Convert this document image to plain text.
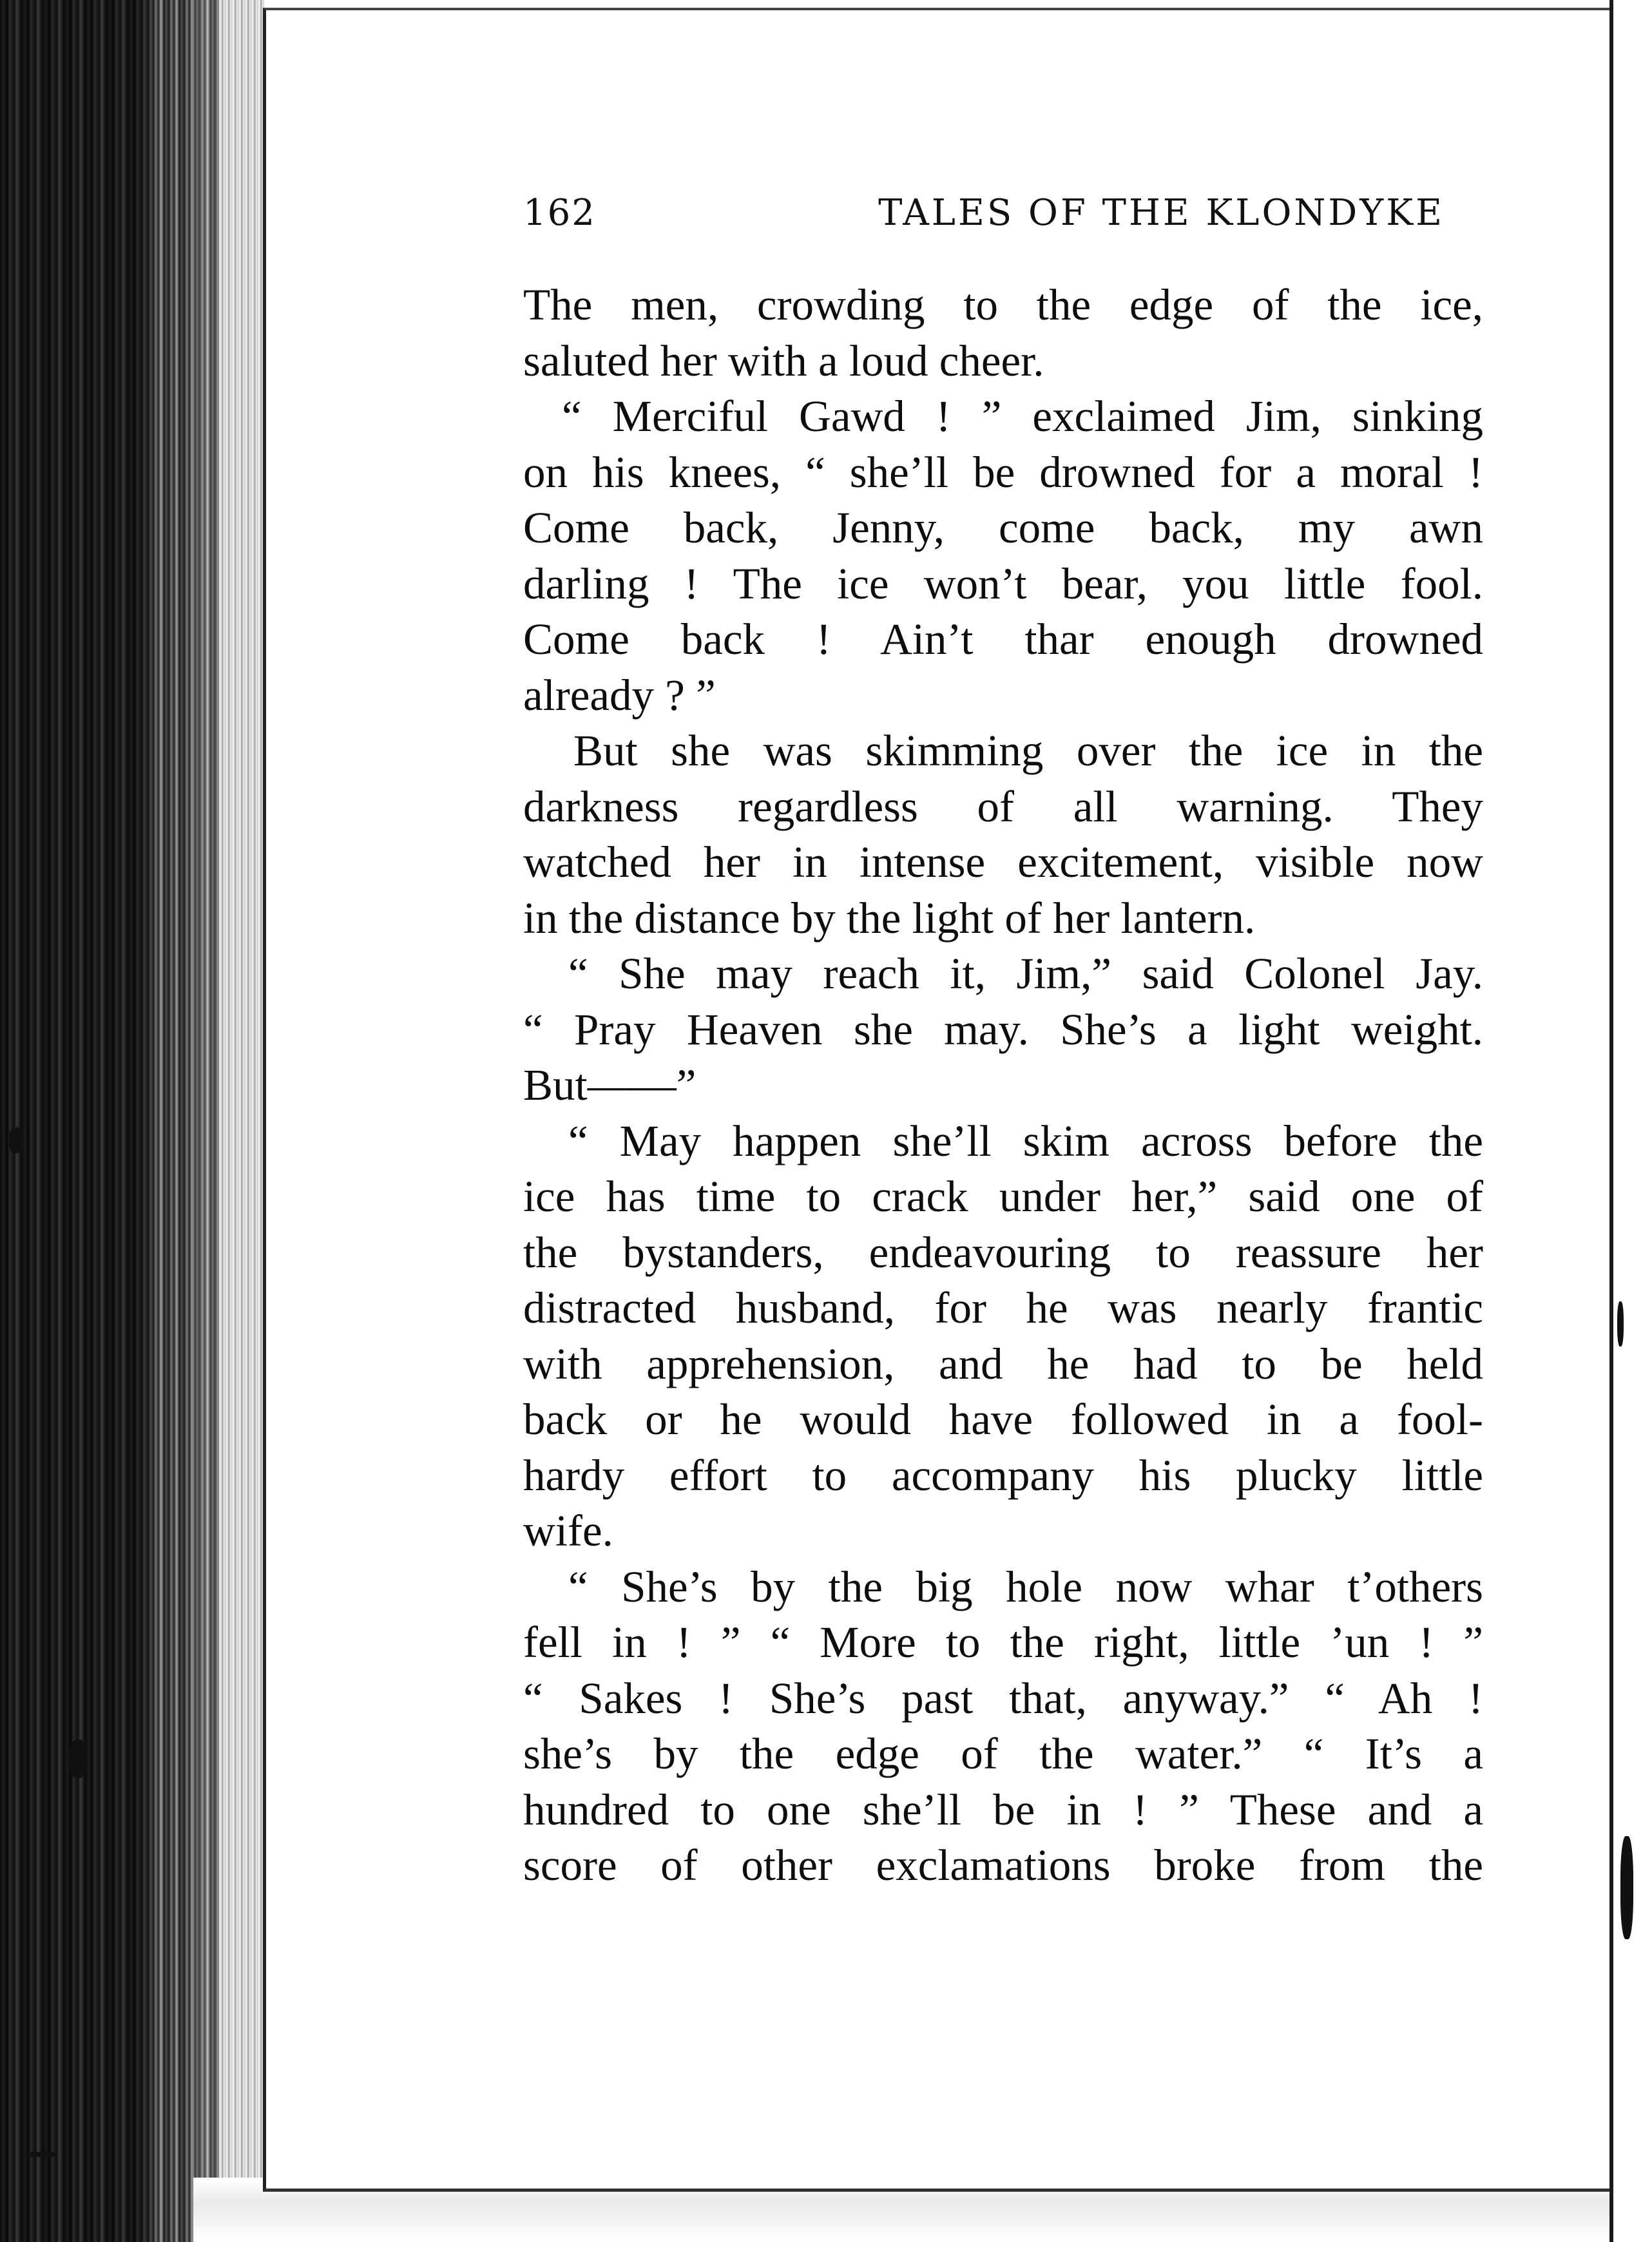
162	TALES OF THE KLONDYKE
The men, crowding to the edge of the ice,
saluted her with a loud cheer.
“ Merciful Gawd ! ” exclaimed Jim, sinking
on his knees, “ she’ll be drowned for a moral !
Come back, Jenny, come back, my awn
darling ! The ice won’t bear, you little fool.
Come back ! Ain’t thar enough drowned
already ? ”
But she was skimming over the ice in the
darkness regardless of all warning. They
watched her in intense excitement, visible now
in the distance by the light of her lantern.
“ She may reach it, Jim,” said Colonel Jay.
“ Pray Heaven she may. She’s a light weight.
But——”
“ May happen she’ll skim across before the
ice has time to crack under her,” said one of
the bystanders, endeavouring to reassure her
distracted husband, for he was nearly frantic
with apprehension, and he had to be held
back or he would have followed in a fool-
hardy effort to accompany his plucky little
wife.
“ She’s by the big hole now whar t’others
fell in ! ” “ More to the right, little ’un ! ”
“ Sakes ! She’s past that, anyway.” “ Ah !
she’s by the edge of the water.” “ It’s a
hundred to one she’ll be in ! ” These and a
score of other exclamations broke from the
